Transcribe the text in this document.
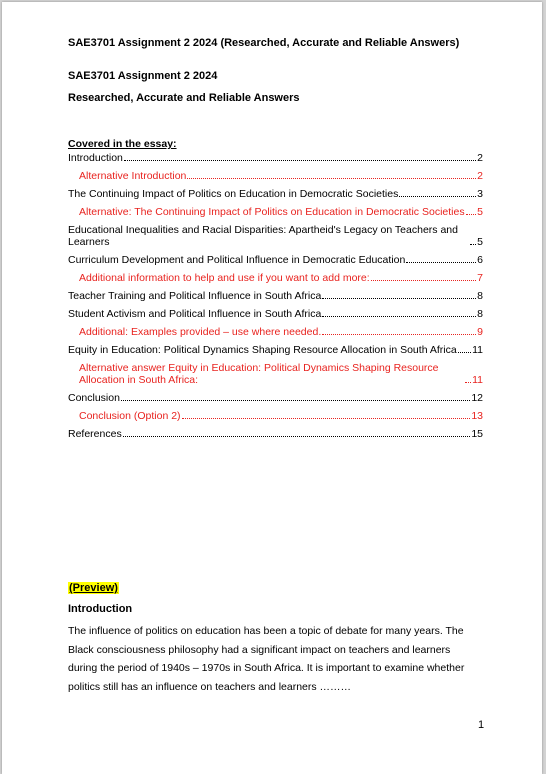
SAE3701 Assignment 2 2024 (Researched, Accurate and Reliable Answers)
SAE3701 Assignment 2 2024
Researched, Accurate and Reliable Answers
Covered in the essay:
Introduction	2
Alternative Introduction	2
The Continuing Impact of Politics on Education in Democratic Societies	3
Alternative: The Continuing Impact of Politics on Education in Democratic Societies 5
Educational Inequalities and Racial Disparities: Apartheid's Legacy on Teachers and Learners	5
Curriculum Development and Political Influence in Democratic Education	6
Additional information to help and use if you want to add more:	7
Teacher Training and Political Influence in South Africa	8
Student Activism and Political Influence in South Africa	8
Additional: Examples provided – use where needed.	9
Equity in Education: Political Dynamics Shaping Resource Allocation in South Africa 11
Alternative answer Equity in Education: Political Dynamics Shaping Resource Allocation in South Africa:	11
Conclusion	12
Conclusion (Option 2)	13
References	15
(Preview)
Introduction
The influence of politics on education has been a topic of debate for many years. The Black consciousness philosophy had a significant impact on teachers and learners during the period of 1940s – 1970s in South Africa. It is important to examine whether politics still has an influence on teachers and learners ………
1
